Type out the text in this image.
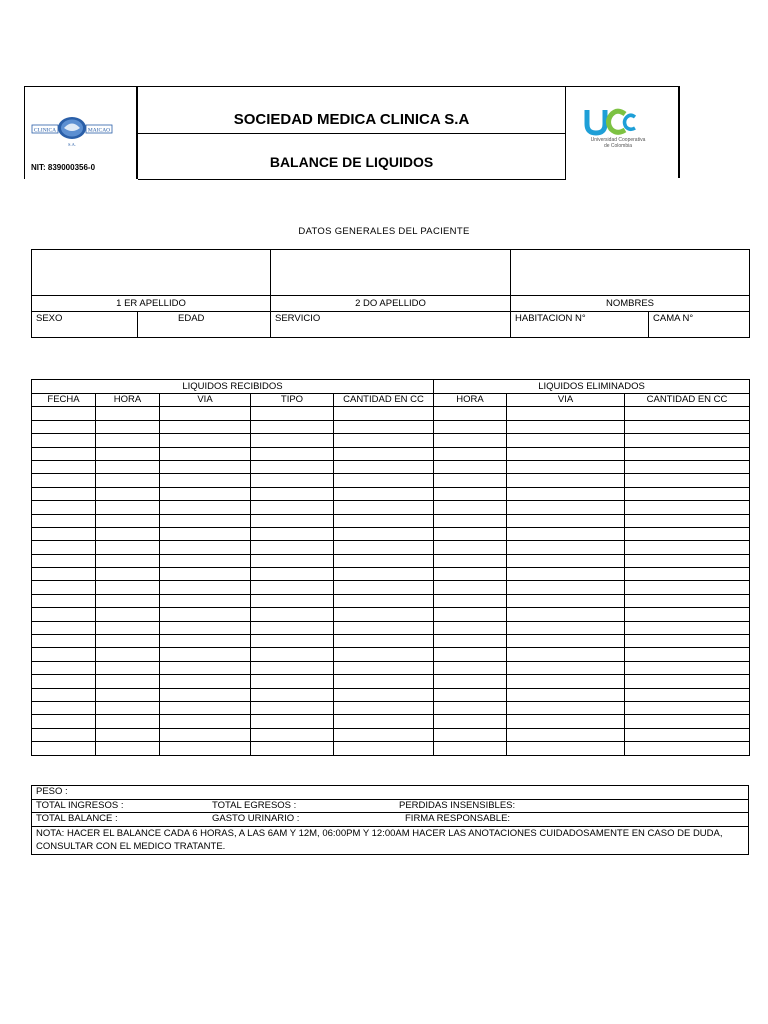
SOCIEDAD MEDICA CLINICA S.A
BALANCE DE LIQUIDOS
CLINICA	MAICAO
S.A.
NIT: 839000356-0
Universidad Cooperativa
de Colombia
DATOS GENERALES DEL PACIENTE

1 ER APELLIDO		2 DO APELLIDO	NOMBRES	
SEXO	EDAD	SERVICIO	HABITACION N°	CAMA N°
LIQUIDOS RECIBIDOS					LIQUIDOS ELIMINADOS		
FECHA	HORA	VIA	TIPO	CANTIDAD EN CC	HORA	VIA	CANTIDAD EN CC

PESO :
TOTAL INGRESOS :	TOTAL EGRESOS :	PERDIDAS INSENSIBLES:
TOTAL BALANCE :	GASTO URINARIO :	FIRMA RESPONSABLE:
NOTA: HACER EL BALANCE CADA 6 HORAS, A LAS 6AM Y 12M, 06:00PM Y 12:00AM HACER LAS ANOTACIONES CUIDADOSAMENTE EN CASO DE DUDA, CONSULTAR CON EL MEDICO TRATANTE.
